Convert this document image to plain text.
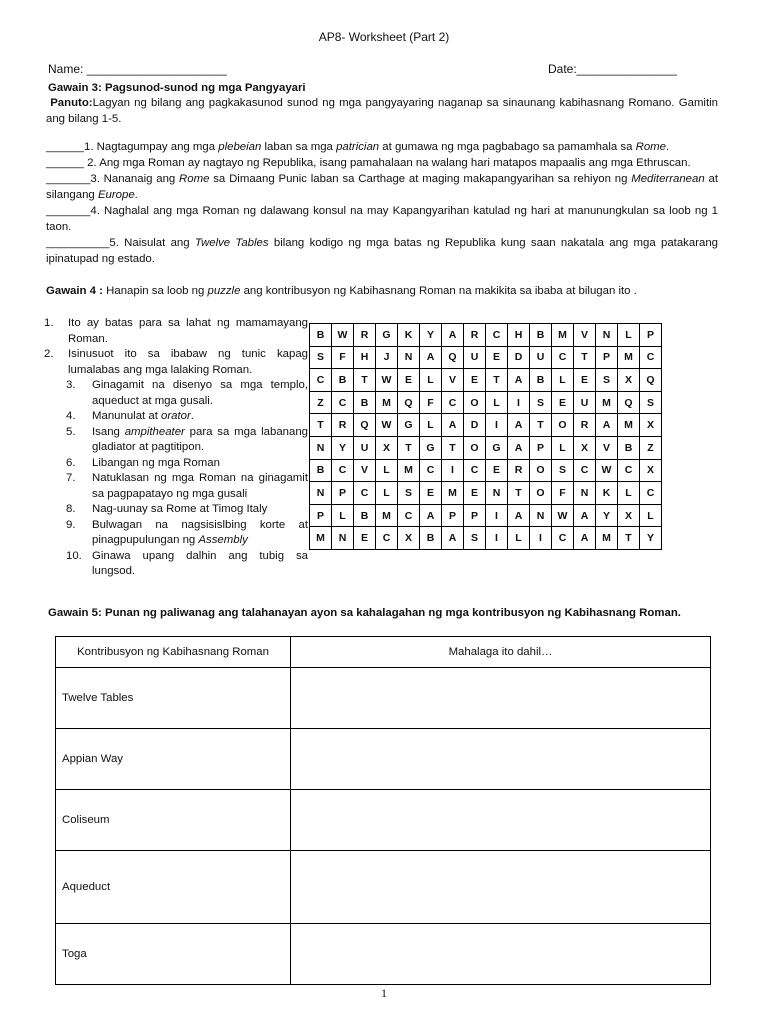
AP8- Worksheet (Part 2)
Name: _____________________	Date:_______________
Gawain 3: Pagsunod-sunod ng mga Pangyayari
Panuto:Lagyan ng bilang ang pagkakasunod sunod ng mga pangyayaring naganap sa sinaunang kabihasnang Romano. Gamitin ang bilang 1-5.
______1. Nagtagumpay ang mga plebeian laban sa mga patrician at gumawa ng mga pagbabago sa pamamhala sa Rome.
______ 2. Ang mga Roman ay nagtayo ng Republika, isang pamahalaan na walang hari matapos mapaalis ang mga Ethruscan.
_______3. Nananaig ang Rome sa Dimaang Punic laban sa Carthage at maging makapangyarihan sa rehiyon ng Mediterranean at silangang Europe.
_______4. Naghalal ang mga Roman ng dalawang konsul na may Kapangyarihan katulad ng hari at manunungkulan sa loob ng 1 taon.
__________5. Naisulat ang Twelve Tables bilang kodigo ng mga batas ng Republika kung saan nakatala ang mga patakarang ipinatupad ng estado.
Gawain 4 : Hanapin sa loob ng puzzle ang kontribusyon ng Kabihasnang Roman na makikita sa ibaba at bilugan ito .
1.	Ito ay batas para sa lahat ng mamamayang Roman.
2.	Isinusuot ito sa ibabaw ng tunic kapag lumalabas ang mga lalaking Roman.
3.	Ginagamit na disenyo sa mga templo, aqueduct at mga gusali.
4.	Manunulat at orator.
5.	Isang ampitheater para sa mga labanang gladiator at pagtitipon.
6.	Libangan ng mga Roman
7.	Natuklasan ng mga Roman na ginagamit sa pagpapatayo ng mga gusali
8.	Nag-uunay sa Rome at Timog Italy
9.	Bulwagan na nagsisislbing korte at pinagpupulungan ng Assembly
10. Ginawa upang dalhin ang tubig sa lungsod.
B	W	R	G	K	Y	A	R	C	H	B	M	V	N	L	P
S	F	H	J	N	A	Q	U	E	D	U	C	T	P	M	C
C	B	T	W	E	L	V	E	T	A	B	L	E	S	X	Q
Z	C	B	M	Q	F	C	O	L	I	S	E	U	M	Q	S
T	R	Q	W	G	L	A	D	I	A	T	O	R	A	M	X
N	Y	U	X	T	G	T	O	G	A	P	L	X	V	B	Z
B	C	V	L	M	C	I	C	E	R	O	S	C	W	C	X
N	P	C	L	S	E	M	E	N	T	O	F	N	K	L	C
P	L	B	M	C	A	P	P	I	A	N	W	A	Y	X	L
M	N	E	C	X	B	A	S	I	L	I	C	A	M	T	Y
Gawain 5: Punan ng paliwanag ang talahanayan ayon sa kahalagahan ng mga kontribusyon ng Kabihasnang Roman.
Kontribusyon ng Kabihasnang Roman	Mahalaga ito dahil…
Twelve Tables	
Appian Way	
Coliseum	
Aqueduct	
Toga	
1
